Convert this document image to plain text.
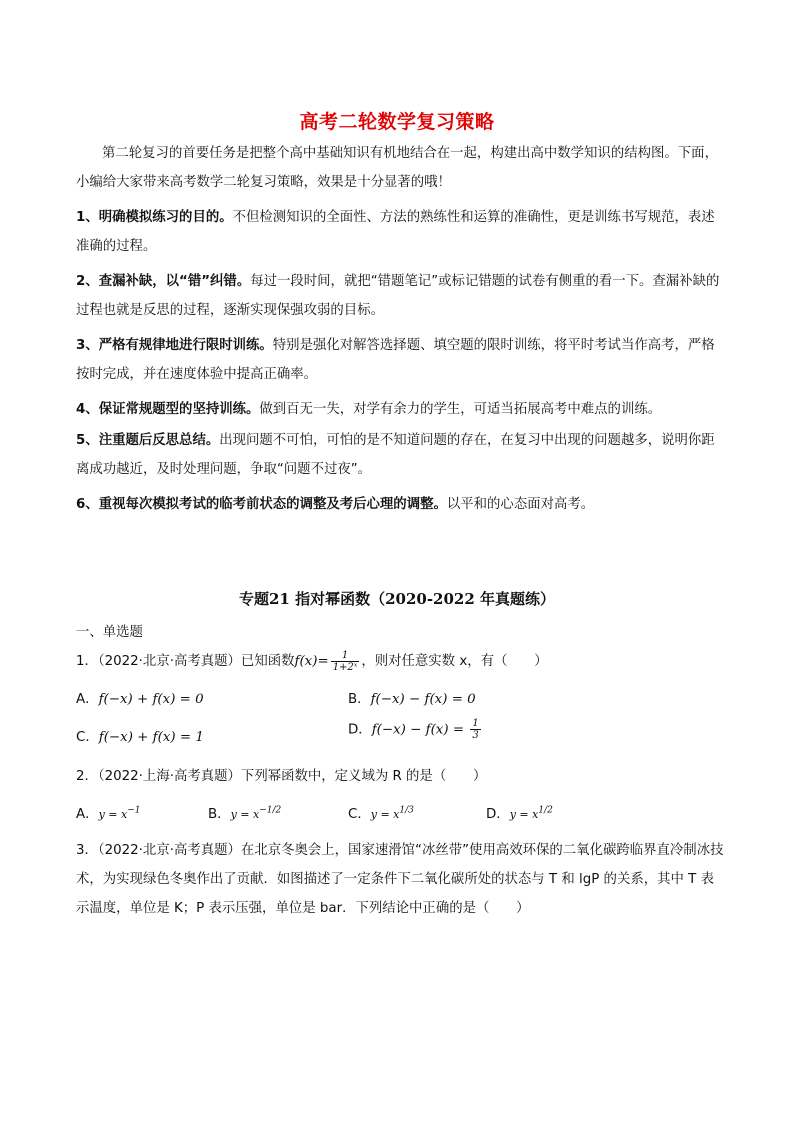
高考二轮数学复习策略
第二轮复习的首要任务是把整个高中基础知识有机地结合在一起，构建出高中数学知识的结构图。下面，小编给大家带来高考数学二轮复习策略，效果是十分显著的哦！
1、明确模拟练习的目的。不但检测知识的全面性、方法的熟练性和运算的准确性，更是训练书写规范，表述准确的过程。
2、查漏补缺，以“错”纠错。每过一段时间，就把“错题笔记”或标记错题的试卷有侧重的看一下。查漏补缺的过程也就是反思的过程，逐渐实现保强攻弱的目标。
3、严格有规律地进行限时训练。特别是强化对解答选择题、填空题的限时训练，将平时考试当作高考，严格按时完成，并在速度体验中提高正确率。
4、保证常规题型的坚持训练。做到百无一失，对学有余力的学生，可适当拓展高考中难点的训练。
5、注重题后反思总结。出现问题不可怕，可怕的是不知道问题的存在，在复习中出现的问题越多，说明你距离成功越近，及时处理问题，争取“问题不过夜”。
6、重视每次模拟考试的临考前状态的调整及考后心理的调整。以平和的心态面对高考。
专题21 指对幂函数（2020-2022 年真题练）
一、单选题
1．（2022·北京·高考真题）已知函数$f(x)= \frac{1}{\text{1+2ˣ}}$ ，则对任意实数 x，有（　　）
A．f(−x) + f(x) = 0	B．f(−x) − f(x) = 0
C．f(−x) + f(x) = 1	D．$f(-x) - f(x) = \frac{1}{3}$
2．（2022·上海·高考真题）下列幂函数中，定义域为 R 的是（　　）
A．$y = x^{-1}$	B．$y = x^{-1/2}$	C．$y = x^{1/3}$	D．$y = x^{1/2}$
3．（2022·北京·高考真题）在北京冬奥会上，国家速滑馆“冰丝带”使用高效环保的二氧化碳跨临界直冷制冰技术，为实现绿色冬奥作出了贡献．如图描述了一定条件下二氧化碳所处的状态与 T 和 lgP 的关系，其中 T 表示温度，单位是 K；P 表示压强，单位是 bar．下列结论中正确的是（　　）
